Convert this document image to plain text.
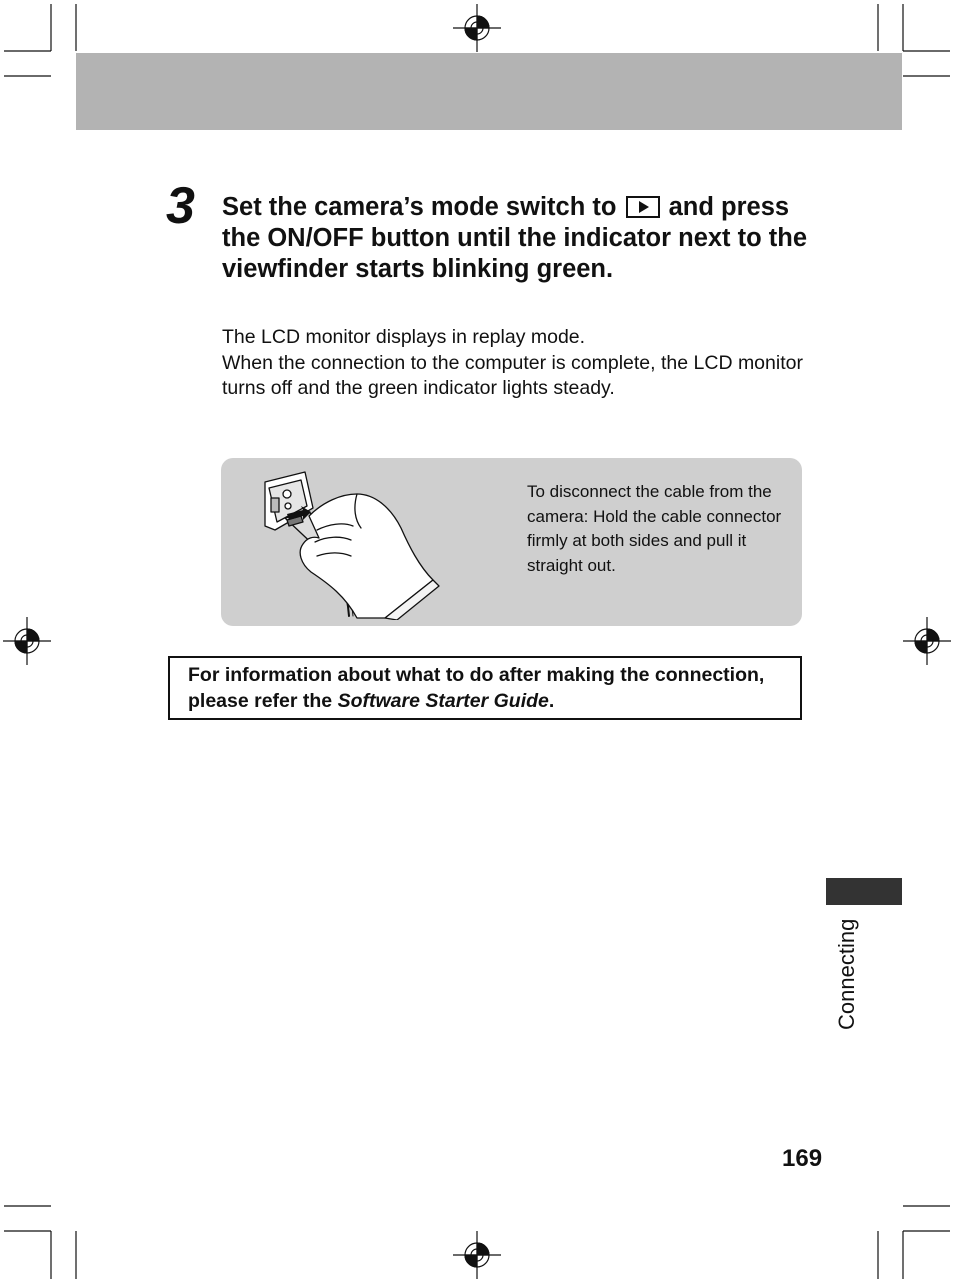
3 Set the camera’s mode switch to and press the ON/OFF button until the indicator next to the viewfinder starts blinking green.

The LCD monitor displays in replay mode.

When the connection to the computer is complete, the LCD monitor turns off and the green indicator lights steady.

To disconnect the cable from the camera: Hold the cable connector firmly at both sides and pull it straight out.

For information about what to do after making the connection, please refer the Software Starter Guide.
Connecting
169
